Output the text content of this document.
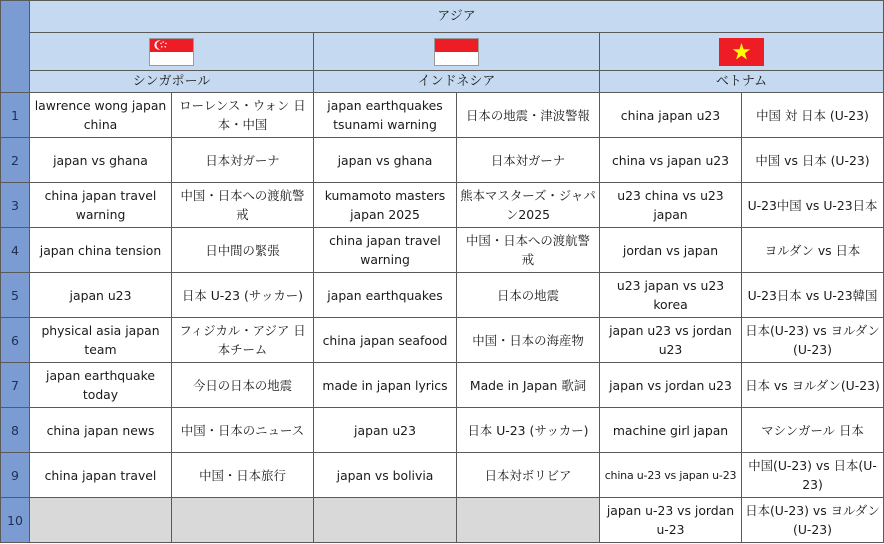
	アジア					

	シンガポール		インドネシア		ベトナム	
1	lawrence wong japan china	ローレンス・ウォン 日本・中国	japan earthquakes tsunami warning	日本の地震・津波警報	china japan u23	中国 対 日本 (U-23)
2	japan vs ghana	日本対ガーナ	japan vs ghana	日本対ガーナ	china vs japan u23	中国 vs 日本 (U-23)
3	china japan travel warning	中国・日本への渡航警戒	kumamoto masters japan 2025	熊本マスターズ・ジャパン2025	u23 china vs u23 japan	U-23中国 vs U-23日本
4	japan china tension	日中間の緊張	china japan travel warning	中国・日本への渡航警戒	jordan vs japan	ヨルダン vs 日本
5	japan u23	日本 U-23 (サッカー)	japan earthquakes	日本の地震	u23 japan vs u23 korea	U-23日本 vs U-23韓国
6	physical asia japan team	フィジカル・アジア 日本チーム	china japan seafood	中国・日本の海産物	japan u23 vs jordan u23	日本(U-23) vs ヨルダン(U-23)
7	japan earthquake today	今日の日本の地震	made in japan lyrics	Made in Japan 歌詞	japan vs jordan u23	日本 vs ヨルダン(U-23)
8	china japan news	中国・日本のニュース	japan u23	日本 U-23 (サッカー)	machine girl japan	マシンガール 日本
9	china japan travel	中国・日本旅行	japan vs bolivia	日本対ボリビア	china u-23 vs japan u-23	中国(U-23) vs 日本(U-23)
10					japan u-23 vs jordan u-23	日本(U-23) vs ヨルダン(U-23)
